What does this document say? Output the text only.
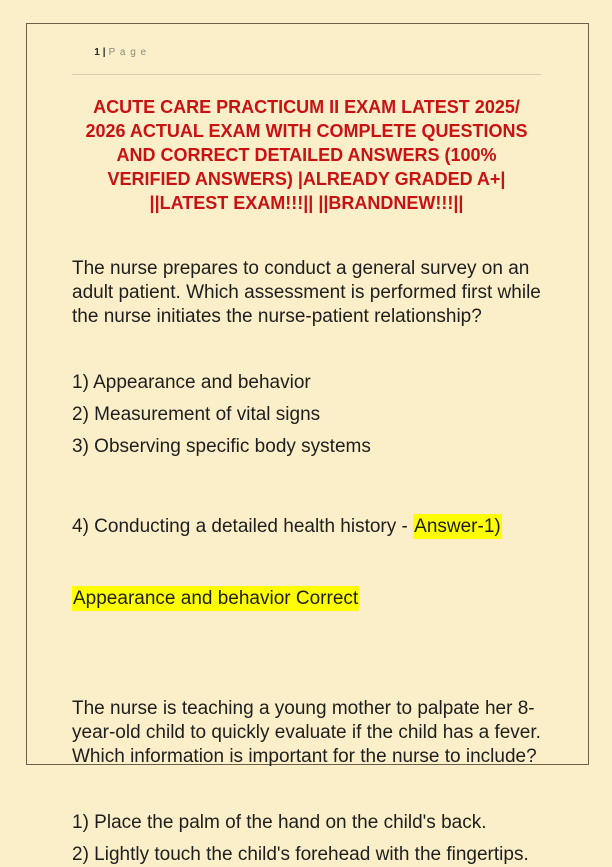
1 | P a g e

ACUTE CARE PRACTICUM II EXAM LATEST 2025/
2026 ACTUAL EXAM WITH COMPLETE QUESTIONS
AND CORRECT DETAILED ANSWERS (100%
VERIFIED ANSWERS) |ALREADY GRADED A+|
||LATEST EXAM!!!|| ||BRANDNEW!!!||
The nurse prepares to conduct a general survey on an
adult patient. Which assessment is performed first while
the nurse initiates the nurse-patient relationship?
1) Appearance and behavior
2) Measurement of vital signs
3) Observing specific body systems

4) Conducting a detailed health history - Answer-1)

Appearance and behavior Correct

The nurse is teaching a young mother to palpate her 8-
year-old child to quickly evaluate if the child has a fever.
Which information is important for the nurse to include?
1) Place the palm of the hand on the child's back.
2) Lightly touch the child's forehead with the fingertips.
